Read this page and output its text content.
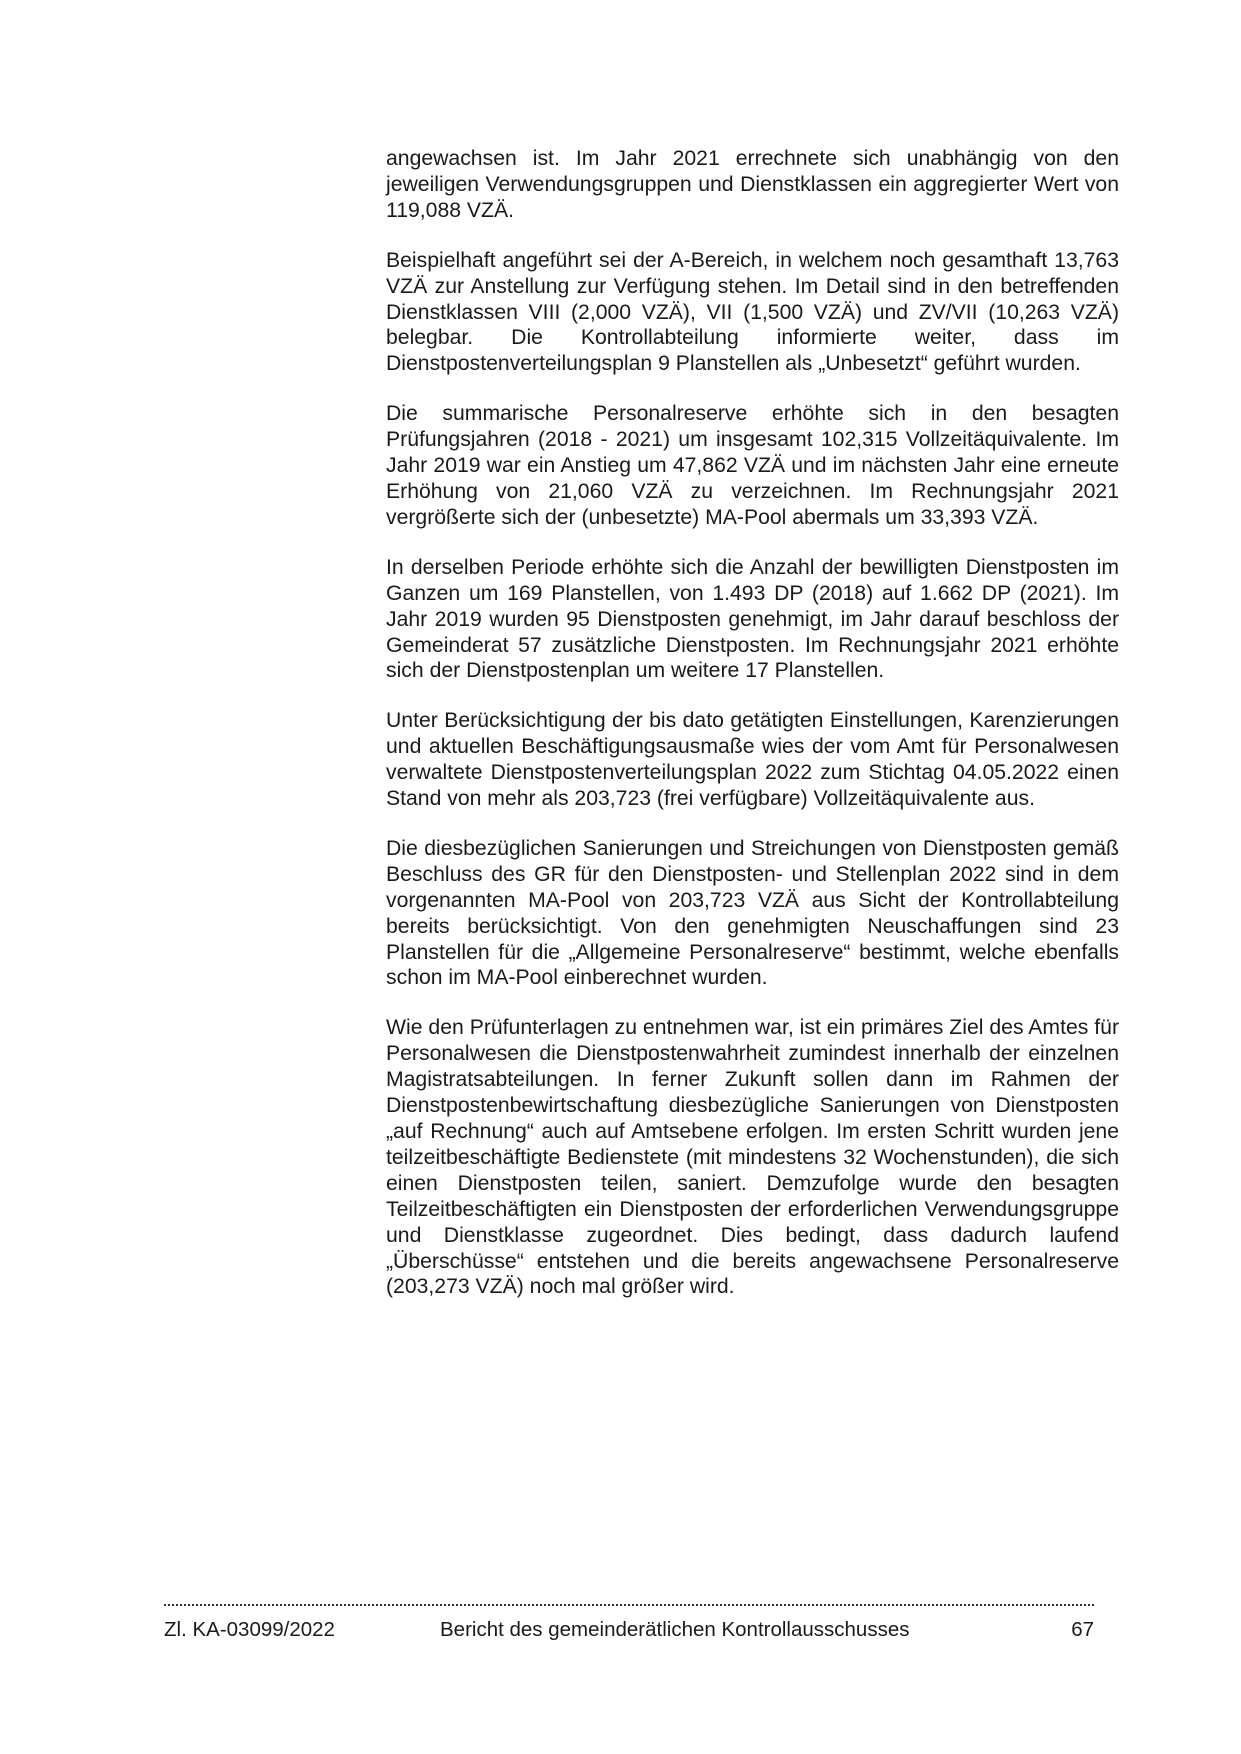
angewachsen ist. Im Jahr 2021 errechnete sich unabhängig von den jeweiligen Verwendungsgruppen und Dienstklassen ein aggregierter Wert von 119,088 VZÄ.

Beispielhaft angeführt sei der A-Bereich, in welchem noch gesamthaft 13,763 VZÄ zur Anstellung zur Verfügung stehen. Im Detail sind in den betreffenden Dienstklassen VIII (2,000 VZÄ), VII (1,500 VZÄ) und ZV/VII (10,263 VZÄ) belegbar. Die Kontrollabteilung informierte weiter, dass im Dienstpostenverteilungsplan 9 Planstellen als „Unbesetzt“ geführt wurden.

Die summarische Personalreserve erhöhte sich in den besagten Prüfungsjahren (2018 - 2021) um insgesamt 102,315 Vollzeitäquivalente. Im Jahr 2019 war ein Anstieg um 47,862 VZÄ und im nächsten Jahr eine erneute Erhöhung von 21,060 VZÄ zu verzeichnen. Im Rechnungsjahr 2021 vergrößerte sich der (unbesetzte) MA-Pool abermals um 33,393 VZÄ.

In derselben Periode erhöhte sich die Anzahl der bewilligten Dienstposten im Ganzen um 169 Planstellen, von 1.493 DP (2018) auf 1.662 DP (2021). Im Jahr 2019 wurden 95 Dienstposten genehmigt, im Jahr darauf beschloss der Gemeinderat 57 zusätzliche Dienstposten. Im Rechnungsjahr 2021 erhöhte sich der Dienstpostenplan um weitere 17 Planstellen.

Unter Berücksichtigung der bis dato getätigten Einstellungen, Karenzierungen und aktuellen Beschäftigungsausmaße wies der vom Amt für Personalwesen verwaltete Dienstpostenverteilungsplan 2022 zum Stichtag 04.05.2022 einen Stand von mehr als 203,723 (frei verfügbare) Vollzeitäquivalente aus.

Die diesbezüglichen Sanierungen und Streichungen von Dienstposten gemäß Beschluss des GR für den Dienstposten- und Stellenplan 2022 sind in dem vorgenannten MA-Pool von 203,723 VZÄ aus Sicht der Kontrollabteilung bereits berücksichtigt. Von den genehmigten Neuschaffungen sind 23 Planstellen für die „Allgemeine Personalreserve“ bestimmt, welche ebenfalls schon im MA-Pool einberechnet wurden.

Wie den Prüfunterlagen zu entnehmen war, ist ein primäres Ziel des Amtes für Personalwesen die Dienstpostenwahrheit zumindest innerhalb der einzelnen Magistratsabteilungen. In ferner Zukunft sollen dann im Rahmen der Dienstpostenbewirtschaftung diesbezügliche Sanierungen von Dienstposten „auf Rechnung“ auch auf Amtsebene erfolgen. Im ersten Schritt wurden jene teilzeitbeschäftigte Bedienstete (mit mindestens 32 Wochenstunden), die sich einen Dienstposten teilen, saniert. Demzufolge wurde den besagten Teilzeitbeschäftigten ein Dienstposten der erforderlichen Verwendungsgruppe und Dienstklasse zugeordnet. Dies bedingt, dass dadurch laufend „Überschüsse“ entstehen und die bereits angewachsene Personalreserve (203,273 VZÄ) noch mal größer wird.

Zl. KA-03099/2022	Bericht des gemeinderätlichen Kontrollausschusses	67
